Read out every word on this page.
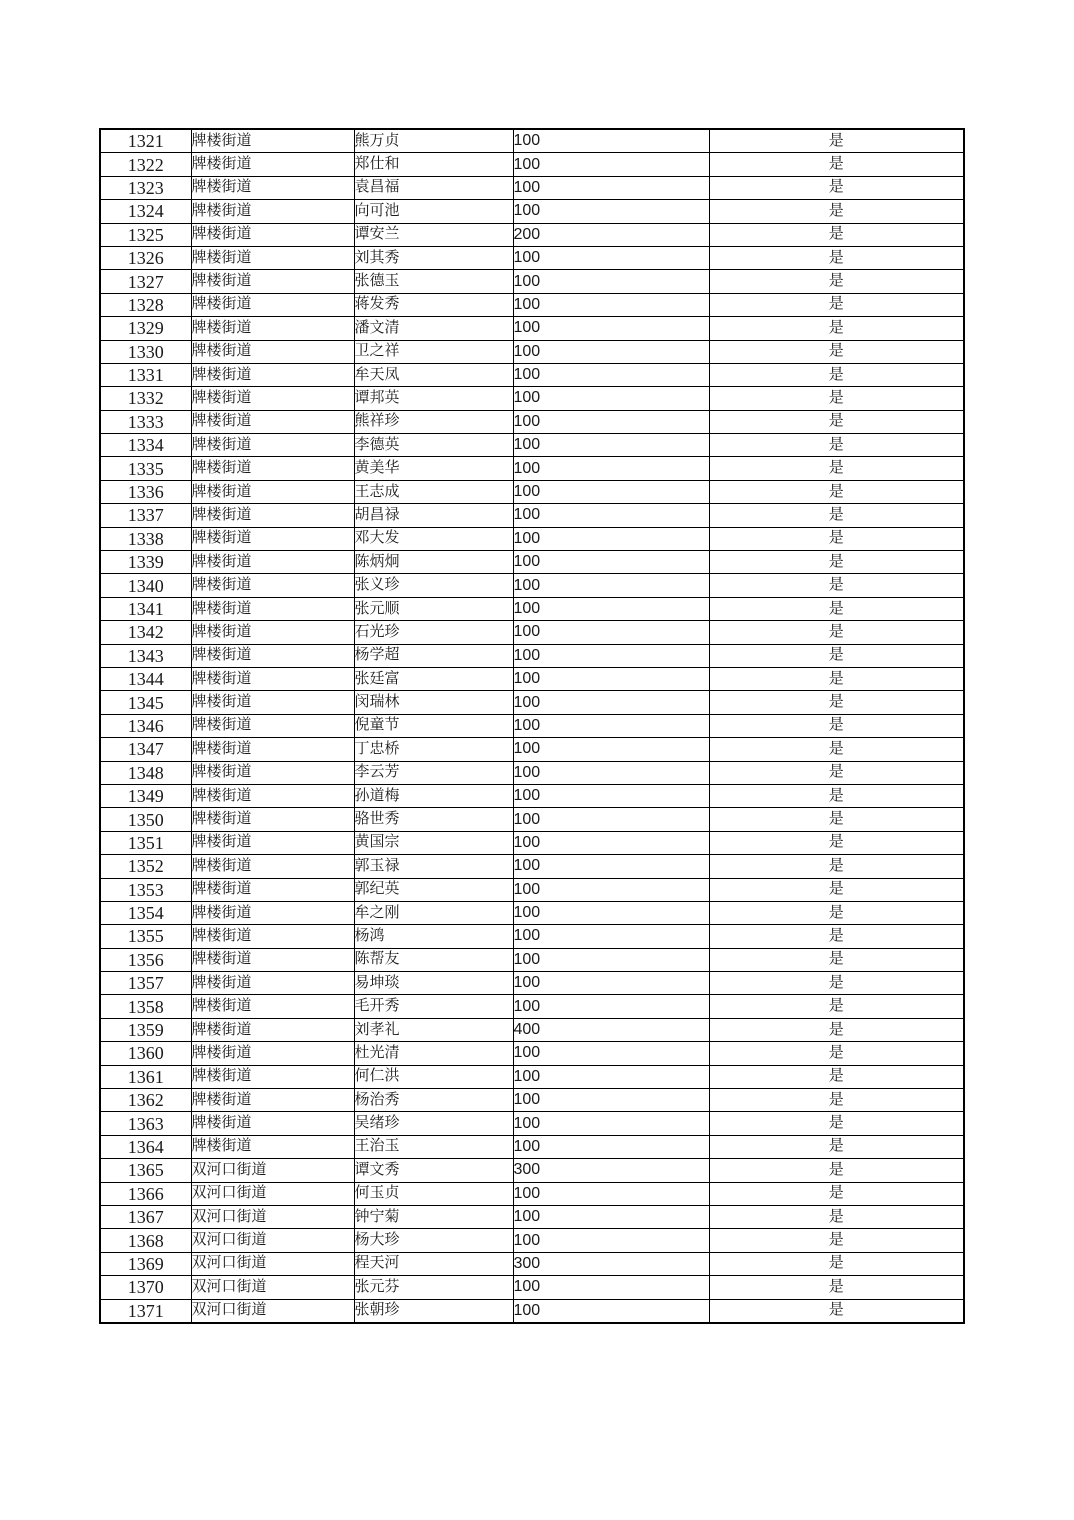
1321	牌楼街道	熊万贞	100	是
1322	牌楼街道	郑仕和	100	是
1323	牌楼街道	袁昌福	100	是
1324	牌楼街道	向可池	100	是
1325	牌楼街道	谭安兰	200	是
1326	牌楼街道	刘其秀	100	是
1327	牌楼街道	张德玉	100	是
1328	牌楼街道	蒋发秀	100	是
1329	牌楼街道	潘文清	100	是
1330	牌楼街道	卫之祥	100	是
1331	牌楼街道	牟天凤	100	是
1332	牌楼街道	谭邦英	100	是
1333	牌楼街道	熊祥珍	100	是
1334	牌楼街道	李德英	100	是
1335	牌楼街道	黄美华	100	是
1336	牌楼街道	王志成	100	是
1337	牌楼街道	胡昌禄	100	是
1338	牌楼街道	邓大发	100	是
1339	牌楼街道	陈炳炯	100	是
1340	牌楼街道	张义珍	100	是
1341	牌楼街道	张元顺	100	是
1342	牌楼街道	石光珍	100	是
1343	牌楼街道	杨学超	100	是
1344	牌楼街道	张廷富	100	是
1345	牌楼街道	闵瑞林	100	是
1346	牌楼街道	倪童节	100	是
1347	牌楼街道	丁忠桥	100	是
1348	牌楼街道	李云芳	100	是
1349	牌楼街道	孙道梅	100	是
1350	牌楼街道	骆世秀	100	是
1351	牌楼街道	黄国宗	100	是
1352	牌楼街道	郭玉禄	100	是
1353	牌楼街道	郭纪英	100	是
1354	牌楼街道	牟之刚	100	是
1355	牌楼街道	杨鸿	100	是
1356	牌楼街道	陈帮友	100	是
1357	牌楼街道	易坤琰	100	是
1358	牌楼街道	毛开秀	100	是
1359	牌楼街道	刘孝礼	400	是
1360	牌楼街道	杜光清	100	是
1361	牌楼街道	何仁洪	100	是
1362	牌楼街道	杨治秀	100	是
1363	牌楼街道	吴绪珍	100	是
1364	牌楼街道	王治玉	100	是
1365	双河口街道	谭文秀	300	是
1366	双河口街道	何玉贞	100	是
1367	双河口街道	钟宁菊	100	是
1368	双河口街道	杨大珍	100	是
1369	双河口街道	程天河	300	是
1370	双河口街道	张元芬	100	是
1371	双河口街道	张朝珍	100	是
